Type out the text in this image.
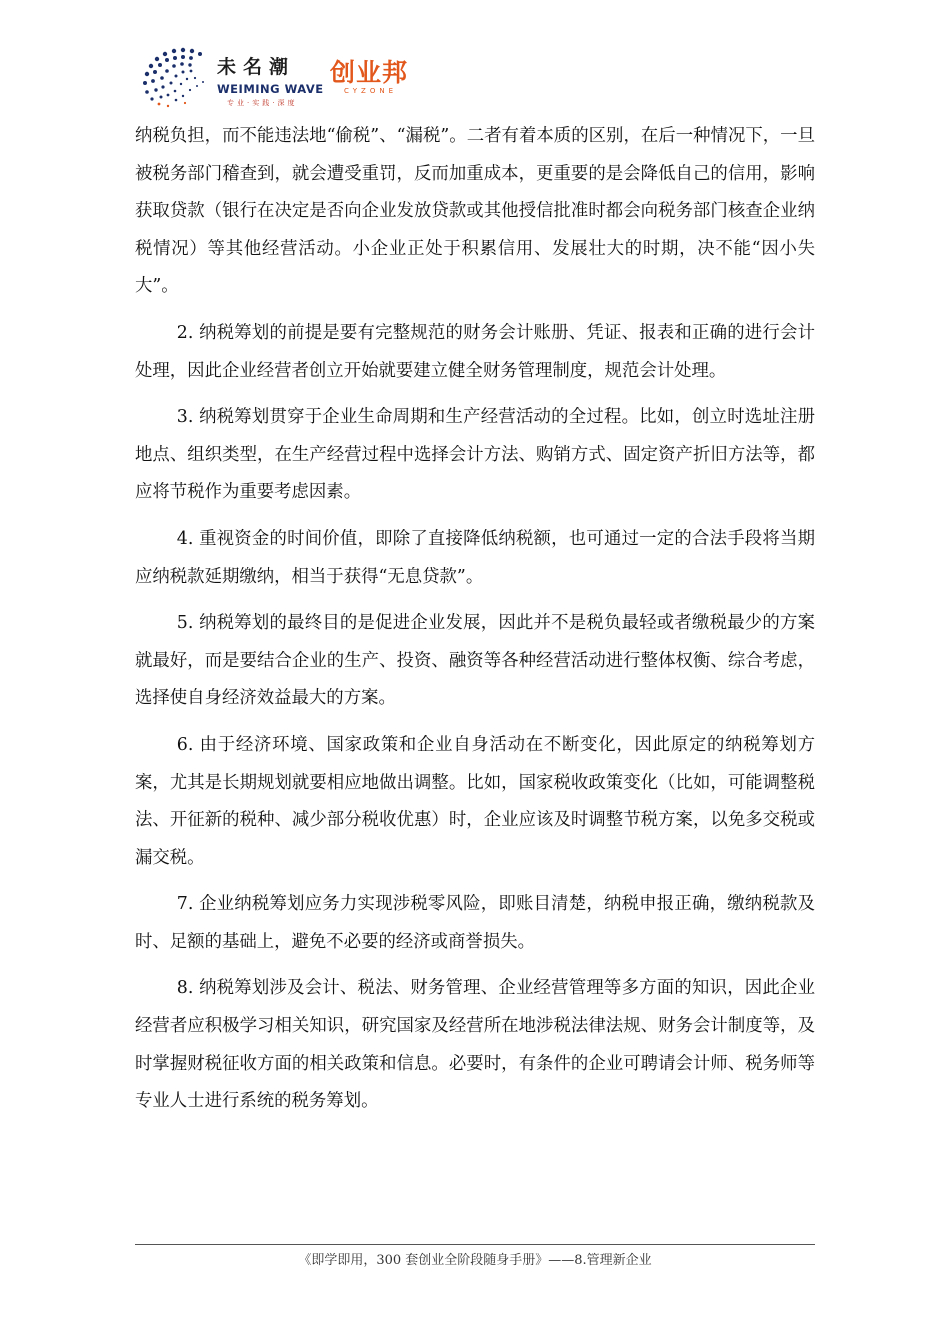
未名潮
WEIMING WAVE
专业·实践·深度
创业邦
CYZONE

纳税负担，而不能违法地“偷税”、“漏税”。二者有着本质的区别，在后一种情况下，一旦被税务部门稽查到，就会遭受重罚，反而加重成本，更重要的是会降低自己的信用，影响获取贷款（银行在决定是否向企业发放贷款或其他授信批准时都会向税务部门核查企业纳税情况）等其他经营活动。小企业正处于积累信用、发展壮大的时期，决不能“因小失大”。

2. 纳税筹划的前提是要有完整规范的财务会计账册、凭证、报表和正确的进行会计处理，因此企业经营者创立开始就要建立健全财务管理制度，规范会计处理。

3. 纳税筹划贯穿于企业生命周期和生产经营活动的全过程。比如，创立时选址注册地点、组织类型，在生产经营过程中选择会计方法、购销方式、固定资产折旧方法等，都应将节税作为重要考虑因素。

4. 重视资金的时间价值，即除了直接降低纳税额，也可通过一定的合法手段将当期应纳税款延期缴纳，相当于获得“无息贷款”。

5. 纳税筹划的最终目的是促进企业发展，因此并不是税负最轻或者缴税最少的方案就最好，而是要结合企业的生产、投资、融资等各种经营活动进行整体权衡、综合考虑，选择使自身经济效益最大的方案。

6. 由于经济环境、国家政策和企业自身活动在不断变化，因此原定的纳税筹划方案，尤其是长期规划就要相应地做出调整。比如，国家税收政策变化（比如，可能调整税法、开征新的税种、减少部分税收优惠）时，企业应该及时调整节税方案，以免多交税或漏交税。

7. 企业纳税筹划应务力实现涉税零风险，即账目清楚，纳税申报正确，缴纳税款及时、足额的基础上，避免不必要的经济或商誉损失。

8. 纳税筹划涉及会计、税法、财务管理、企业经营管理等多方面的知识，因此企业经营者应积极学习相关知识，研究国家及经营所在地涉税法律法规、财务会计制度等，及时掌握财税征收方面的相关政策和信息。必要时，有条件的企业可聘请会计师、税务师等专业人士进行系统的税务筹划。

《即学即用，300 套创业全阶段随身手册》——8.管理新企业
